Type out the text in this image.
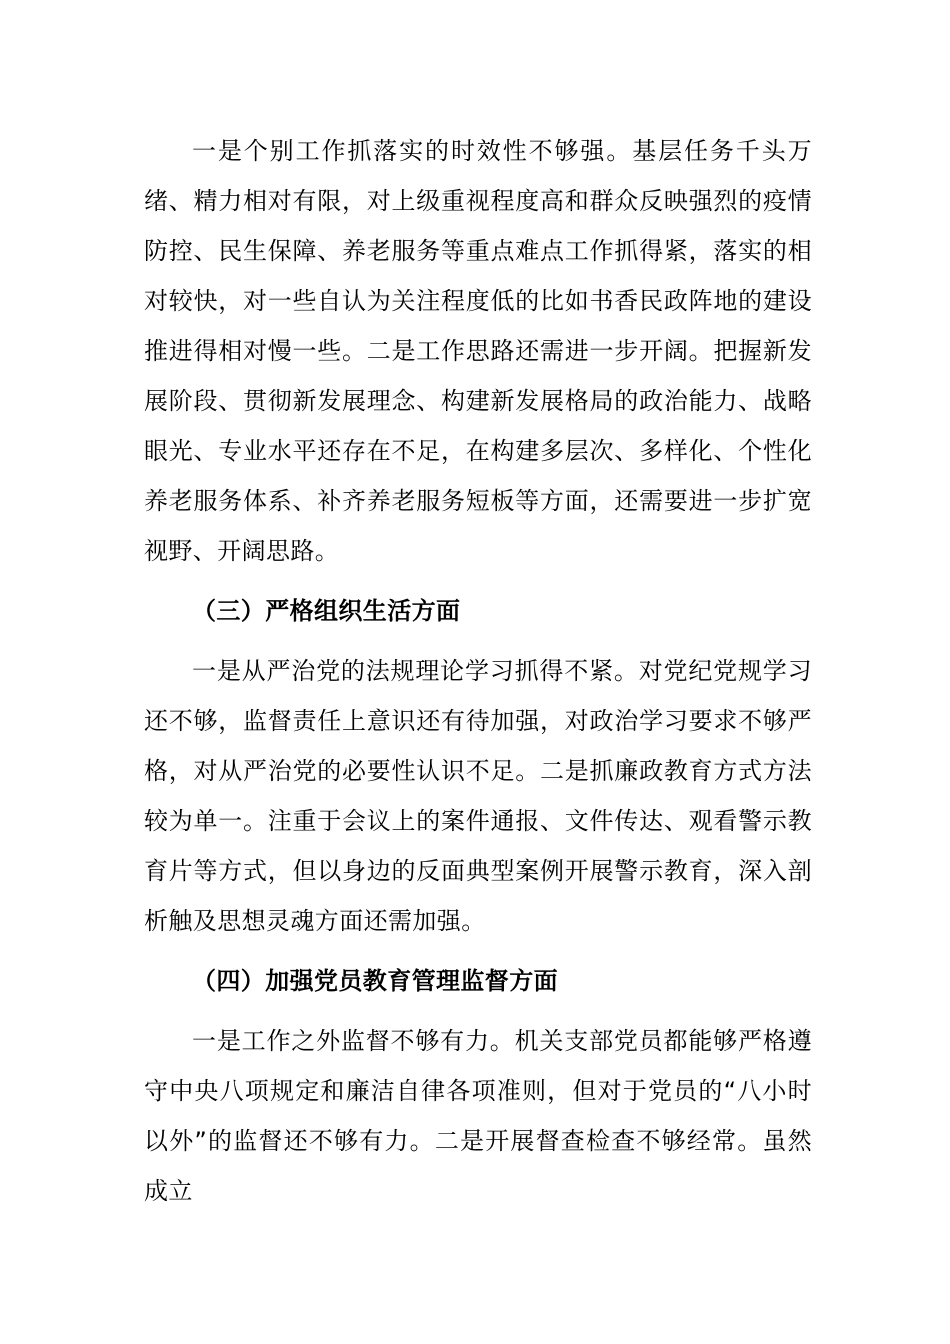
一是个别工作抓落实的时效性不够强。基层任务千头万绪、精力相对有限，对上级重视程度高和群众反映强烈的疫情防控、民生保障、养老服务等重点难点工作抓得紧，落实的相对较快，对一些自认为关注程度低的比如书香民政阵地的建设推进得相对慢一些。二是工作思路还需进一步开阔。把握新发展阶段、贯彻新发展理念、构建新发展格局的政治能力、战略眼光、专业水平还存在不足，在构建多层次、多样化、个性化养老服务体系、补齐养老服务短板等方面，还需要进一步扩宽视野、开阔思路。

（三）严格组织生活方面

一是从严治党的法规理论学习抓得不紧。对党纪党规学习还不够，监督责任上意识还有待加强，对政治学习要求不够严格，对从严治党的必要性认识不足。二是抓廉政教育方式方法较为单一。注重于会议上的案件通报、文件传达、观看警示教育片等方式，但以身边的反面典型案例开展警示教育，深入剖析触及思想灵魂方面还需加强。

（四）加强党员教育管理监督方面

一是工作之外监督不够有力。机关支部党员都能够严格遵守中央八项规定和廉洁自律各项准则，但对于党员的“八小时以外”的监督还不够有力。二是开展督查检查不够经常。虽然成立
